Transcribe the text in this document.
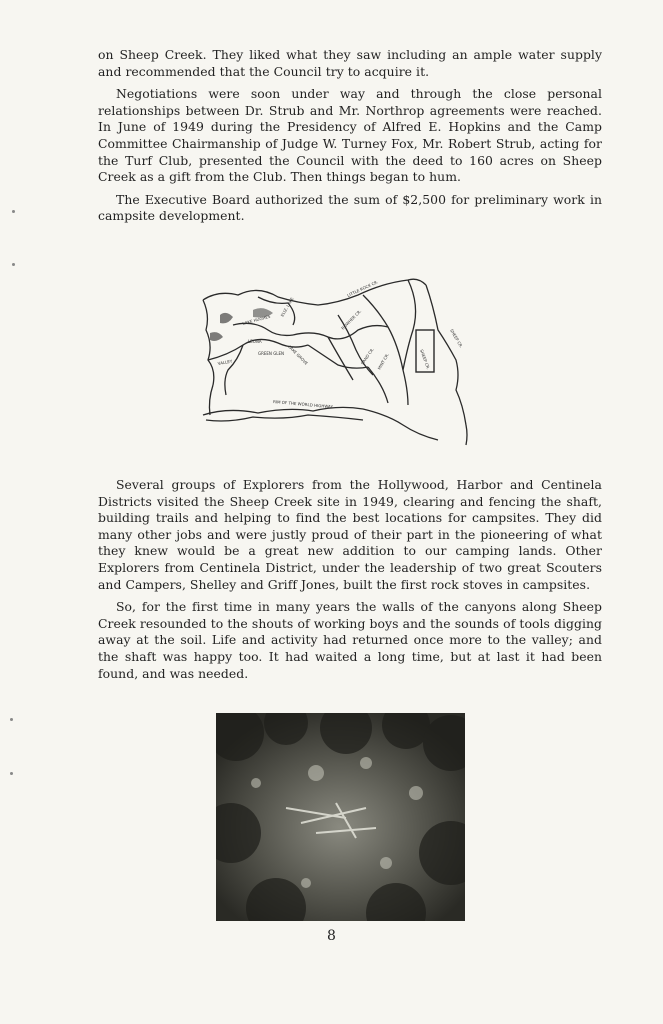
on Sheep Creek. They liked what they saw including an ample water supply and recommended that the Council try to acquire it.

Negotiations were soon under way and through the close personal relationships between Dr. Strub and Mr. Northrop agreements were reached. In June of 1949 during the Presidency of Alfred E. Hopkins and the Camp Committee Chairmanship of Judge W. Turney Fox, Mr. Robert Strub, acting for the Turf Club, presented the Council with the deed to 160 acres on Sheep Creek as a gift from the Club. Then things began to hum.

The Executive Board authorized the sum of $2,500 for preliminary work in campsite development.

LITTLE ROCK CR.
LAKE HUGHES
ELIZ. LAKE
VALLEY
LEONA
GREEN GLEN LAKE GROVE
ROWHER CR.
SAND CR. MINT CR.	SHEEP CR.
SHEEP CR.
RIM OF THE WORLD HIGHWAY

Several groups of Explorers from the Hollywood, Harbor and Centinela Districts visited the Sheep Creek site in 1949, clearing and fencing the shaft, building trails and helping to find the best locations for campsites. They did many other jobs and were justly proud of their part in the pioneering of what they knew would be a great new addition to our camping lands. Other Explorers from Centinela District, under the leadership of two great Scouters and Campers, Shelley and Griff Jones, built the first rock stoves in campsites.

So, for the first time in many years the walls of the canyons along Sheep Creek resounded to the shouts of working boys and the sounds of tools digging away at the soil. Life and activity had returned once more to the valley; and the shaft was happy too. It had waited a long time, but at last it had been found, and was needed.

8
